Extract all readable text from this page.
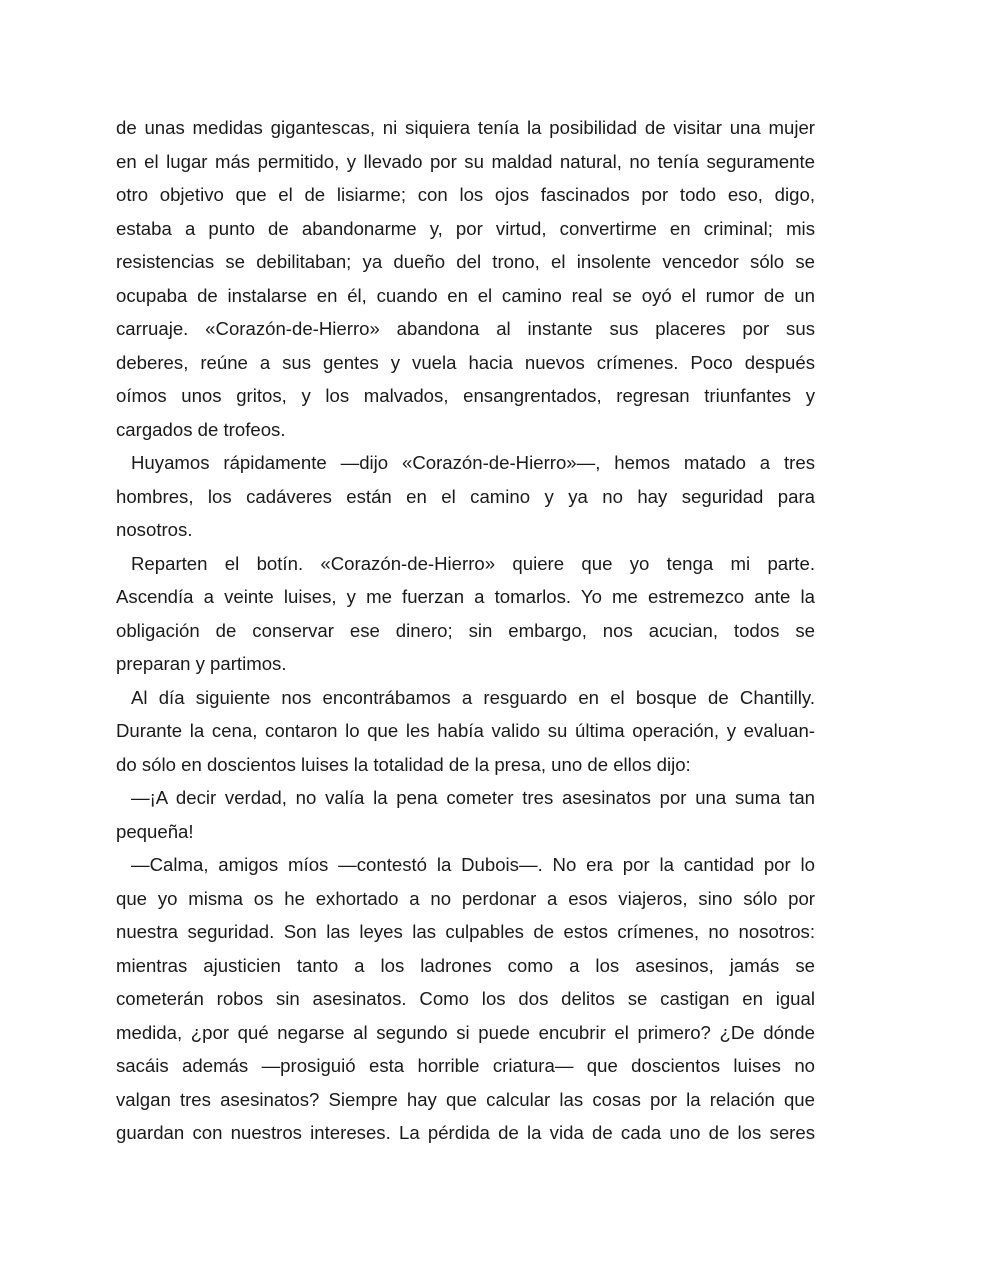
de unas medidas gigantescas, ni siquiera tenía la posibilidad de visitar una mujer
en el lugar más permitido, y llevado por su maldad natural, no tenía seguramente
otro objetivo que el de lisiarme; con los ojos fascinados por todo eso, digo,
estaba a punto de abandonarme y, por virtud, convertirme en criminal; mis
resistencias se debilitaban; ya dueño del trono, el insolente vencedor sólo se
ocupaba de instalarse en él, cuando en el camino real se oyó el rumor de un
carruaje. «Corazón-de-Hierro» abandona al instante sus placeres por sus
deberes, reúne a sus gentes y vuela hacia nuevos crímenes. Poco después
oímos unos gritos, y los malvados, ensangrentados, regresan triunfantes y
cargados de trofeos.
Huyamos rápidamente —dijo «Corazón-de-Hierro»—, hemos matado a tres
hombres, los cadáveres están en el camino y ya no hay seguridad para
nosotros.
Reparten el botín. «Corazón-de-Hierro» quiere que yo tenga mi parte.
Ascendía a veinte luises, y me fuerzan a tomarlos. Yo me estremezco ante la
obligación de conservar ese dinero; sin embargo, nos acucian, todos se
preparan y partimos.
Al día siguiente nos encontrábamos a resguardo en el bosque de Chantilly.
Durante la cena, contaron lo que les había valido su última operación, y evaluan-
do sólo en doscientos luises la totalidad de la presa, uno de ellos dijo:
—¡A decir verdad, no valía la pena cometer tres asesinatos por una suma tan
pequeña!
—Calma, amigos míos —contestó la Dubois—. No era por la cantidad por lo
que yo misma os he exhortado a no perdonar a esos viajeros, sino sólo por
nuestra seguridad. Son las leyes las culpables de estos crímenes, no nosotros:
mientras ajusticien tanto a los ladrones como a los asesinos, jamás se
cometerán robos sin asesinatos. Como los dos delitos se castigan en igual
medida, ¿por qué negarse al segundo si puede encubrir el primero? ¿De dónde
sacáis además —prosiguió esta horrible criatura— que doscientos luises no
valgan tres asesinatos? Siempre hay que calcular las cosas por la relación que
guardan con nuestros intereses. La pérdida de la vida de cada uno de los seres
